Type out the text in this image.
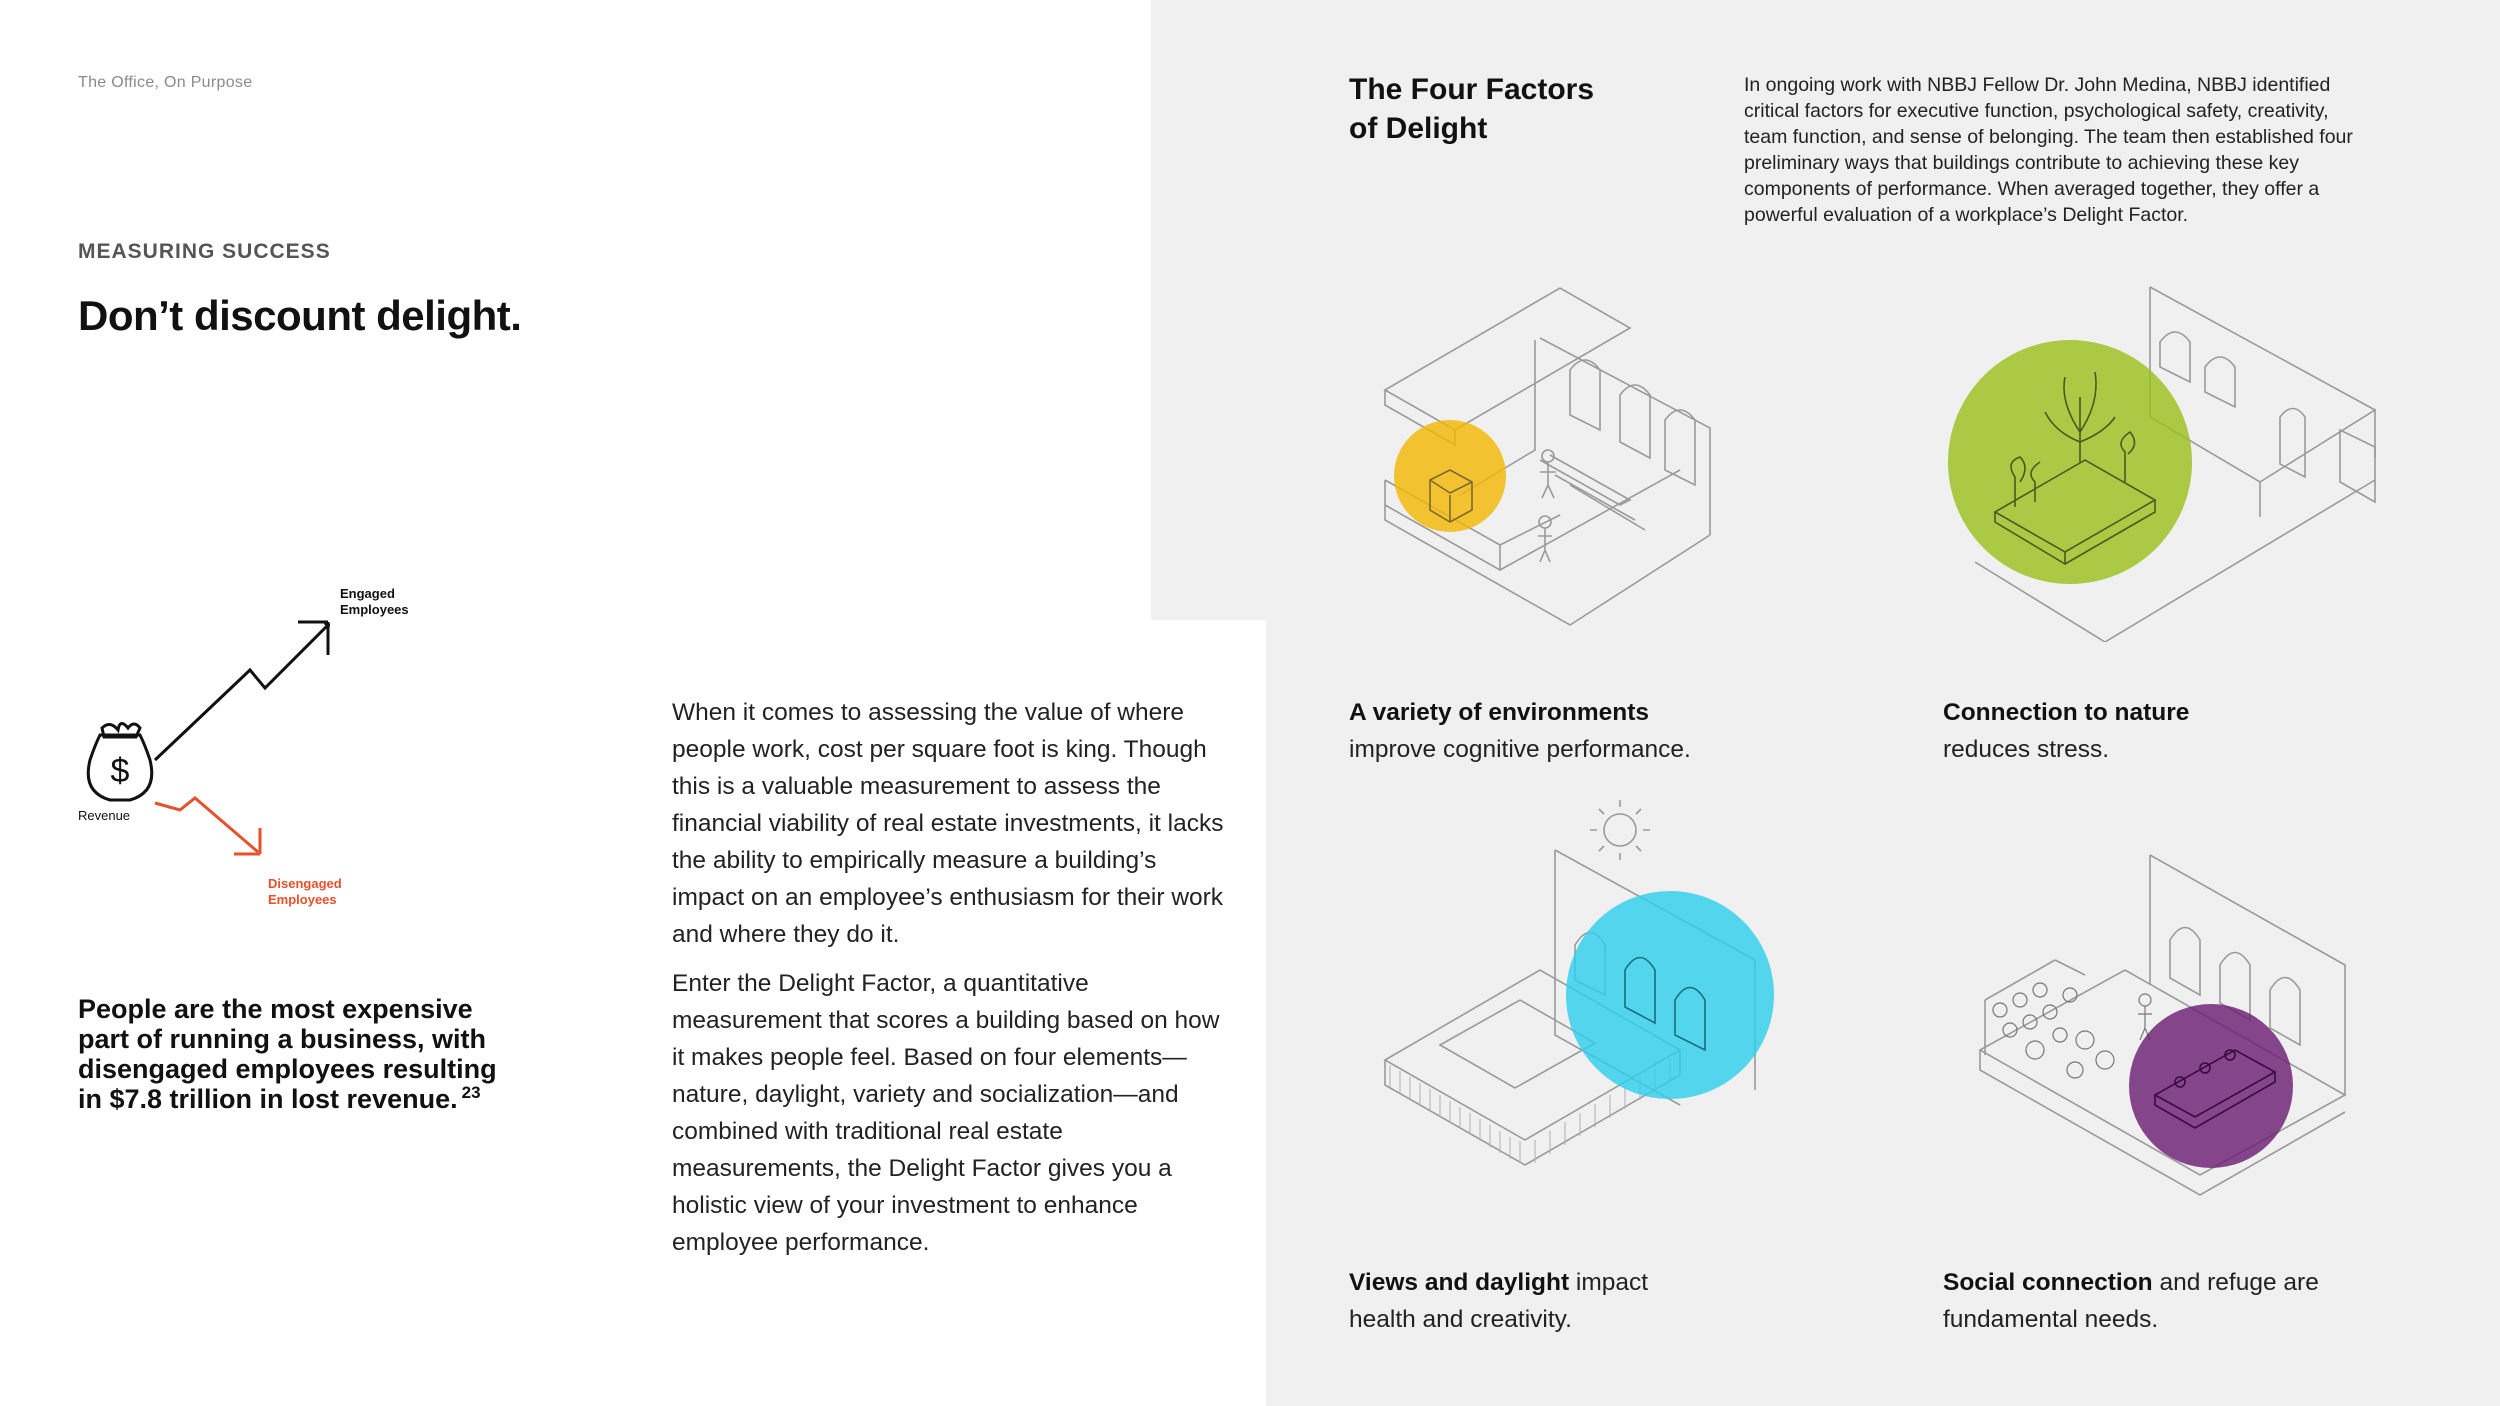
The Office, On Purpose
MEASURING SUCCESS
Don’t discount delight.
$
Engaged
Employees
Revenue
Disengaged
Employees
People are the most expensive part of running a business, with disengaged employees resulting in $7.8 trillion in lost revenue. $^{23}$
When it comes to assessing the value of where people work, cost per square foot is king. Though this is a valuable measurement to assess the financial viability of real estate investments, it lacks the ability to empirically measure a building’s impact on an employee’s enthusiasm for their work and where they do it.
Enter the Delight Factor, a quantitative measurement that scores a building based on how it makes people feel. Based on four elements—nature, daylight, variety and socialization—and combined with traditional real estate measurements, the Delight Factor gives you a holistic view of your investment to enhance employee performance.
The Four Factors
of Delight
In ongoing work with NBBJ Fellow Dr. John Medina, NBBJ identified critical factors for executive function, psychological safety, creativity, team function, and sense of belonging. The team then established four preliminary ways that buildings contribute to achieving these key components of performance. When averaged together, they offer a powerful evaluation of a workplace’s Delight Factor.
A variety of environments
improve cognitive performance.
Connection to nature
reduces stress.
Views and daylight impact health and creativity.
Social connection and refuge are fundamental needs.
